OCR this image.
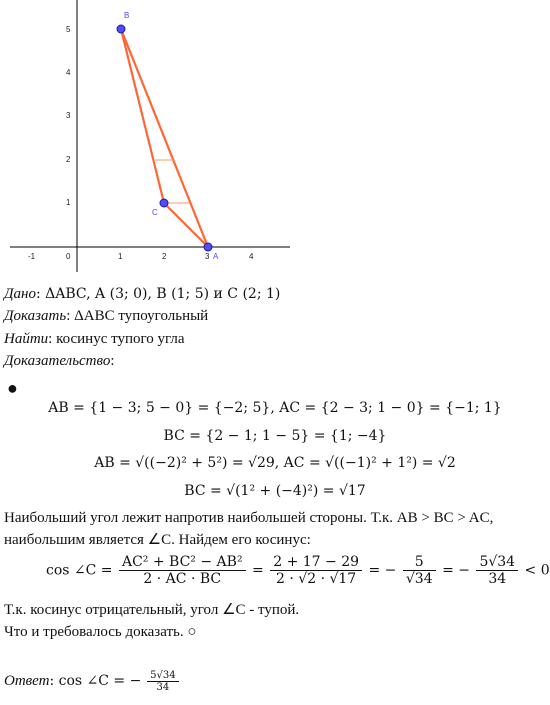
5
4
3
2
1
-1	0	1	2	3	4
B
C
A
Дано: ΔABC, A (3; 0), B (1; 5) и C (2; 1)
Доказать: ΔABC тупоугольный
Найти: косинус тупого угла
Доказательство:
●
AB = {1 − 3; 5 − 0} = {−2; 5}, AC = {2 − 3; 1 − 0} = {−1; 1}
BC = {2 − 1; 1 − 5} = {1; −4}
AB = √((−2)² + 5²) = √29, AC = √((−1)² + 1²) = √2
BC = √(1² + (−4)²) = √17
Наибольший угол лежит напротив наибольшей стороны. Т.к. AB > BC > AC,
наибольшим является ∠C. Найдем его косинус:
cos ∠C = $\frac{\text{AC² + BC² − AB²}}{2 \cdot AC \cdot BC} = \frac{2 + 17 - 29}{2 \cdot √2 \cdot √17}$ = − $\frac{5}{√34}$ = − $\frac{5√34}{34} < 0$
Т.к. косинус отрицательный, угол ∠C - тупой.
Что и требовалось доказать. ○
Ответ: cos ∠C = − $\frac{5√34}{34}$
